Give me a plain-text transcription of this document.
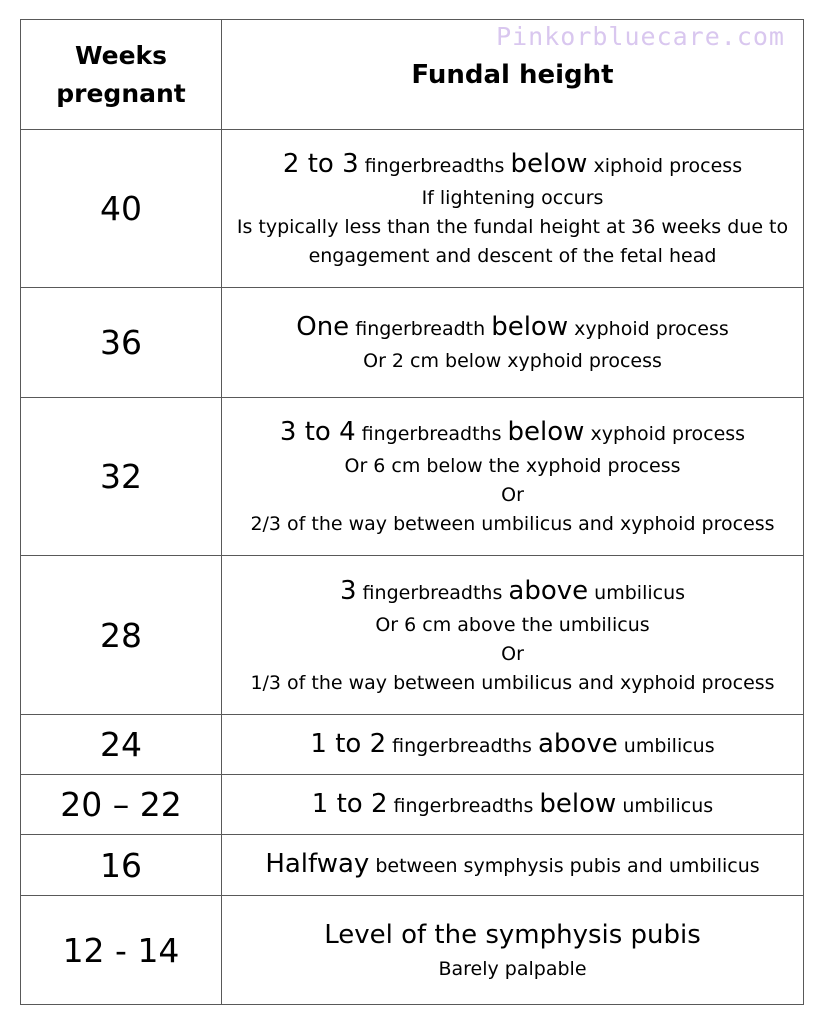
Pinkorbluecare.com
Weeks
pregnant	Fundal height
40	2 to 3 fingerbreadths below xiphoid process
If lightening occurs
Is typically less than the fundal height at 36 weeks due to
engagement and descent of the fetal head

36	One fingerbreadth below xyphoid process
Or 2 cm below xyphoid process

32	3 to 4 fingerbreadths below xyphoid process
Or 6 cm below the xyphoid process
Or
2/3 of the way between umbilicus and xyphoid process

28	3 fingerbreadths above umbilicus
Or 6 cm above the umbilicus
Or
1/3 of the way between umbilicus and xyphoid process

24	1 to 2 fingerbreadths above umbilicus

20 – 22	1 to 2 fingerbreadths below umbilicus

16	Halfway between symphysis pubis and umbilicus

12 - 14	Level of the symphysis pubis
Barely palpable
